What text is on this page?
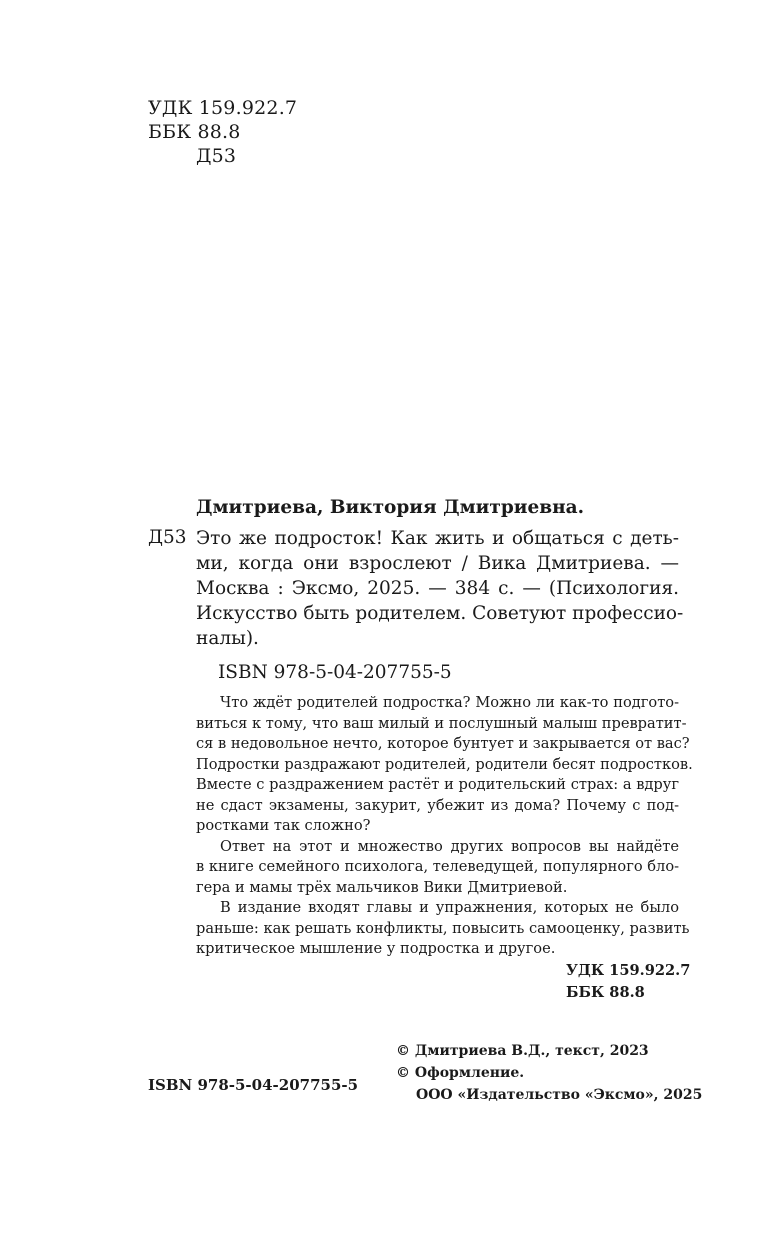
УДК 159.922.7
ББК 88.8
Д53
Дмитриева, Виктория Дмитриевна.
Д53 Это же подросток! Как жить и общаться с деть-
ми, когда они взрослеют / Вика Дмитриева. —
Москва : Эксмо, 2025. — 384 с. — (Психология.
Искусство быть родителем. Советуют профессио-
налы).
ISBN 978-5-04-207755-5
Что ждёт родителей подростка? Можно ли как-то подгото-
виться к тому, что ваш милый и послушный малыш превратит-
ся в недовольное нечто, которое бунтует и закрывается от вас?
Подростки раздражают родителей, родители бесят подростков.
Вместе с раздражением растёт и родительский страх: а вдруг
не сдаст экзамены, закурит, убежит из дома? Почему с под-
ростками так сложно?
Ответ на этот и множество других вопросов вы найдёте
в книге семейного психолога, телеведущей, популярного бло-
гера и мамы трёх мальчиков Вики Дмитриевой.
В издание входят главы и упражнения, которых не было
раньше: как решать конфликты, повысить самооценку, развить
критическое мышление у подростка и другое.
УДК 159.922.7
ББК 88.8
© Дмитриева В.Д., текст, 2023
© Оформление.
ООО «Издательство «Эксмо», 2025
ISBN 978-5-04-207755-5
